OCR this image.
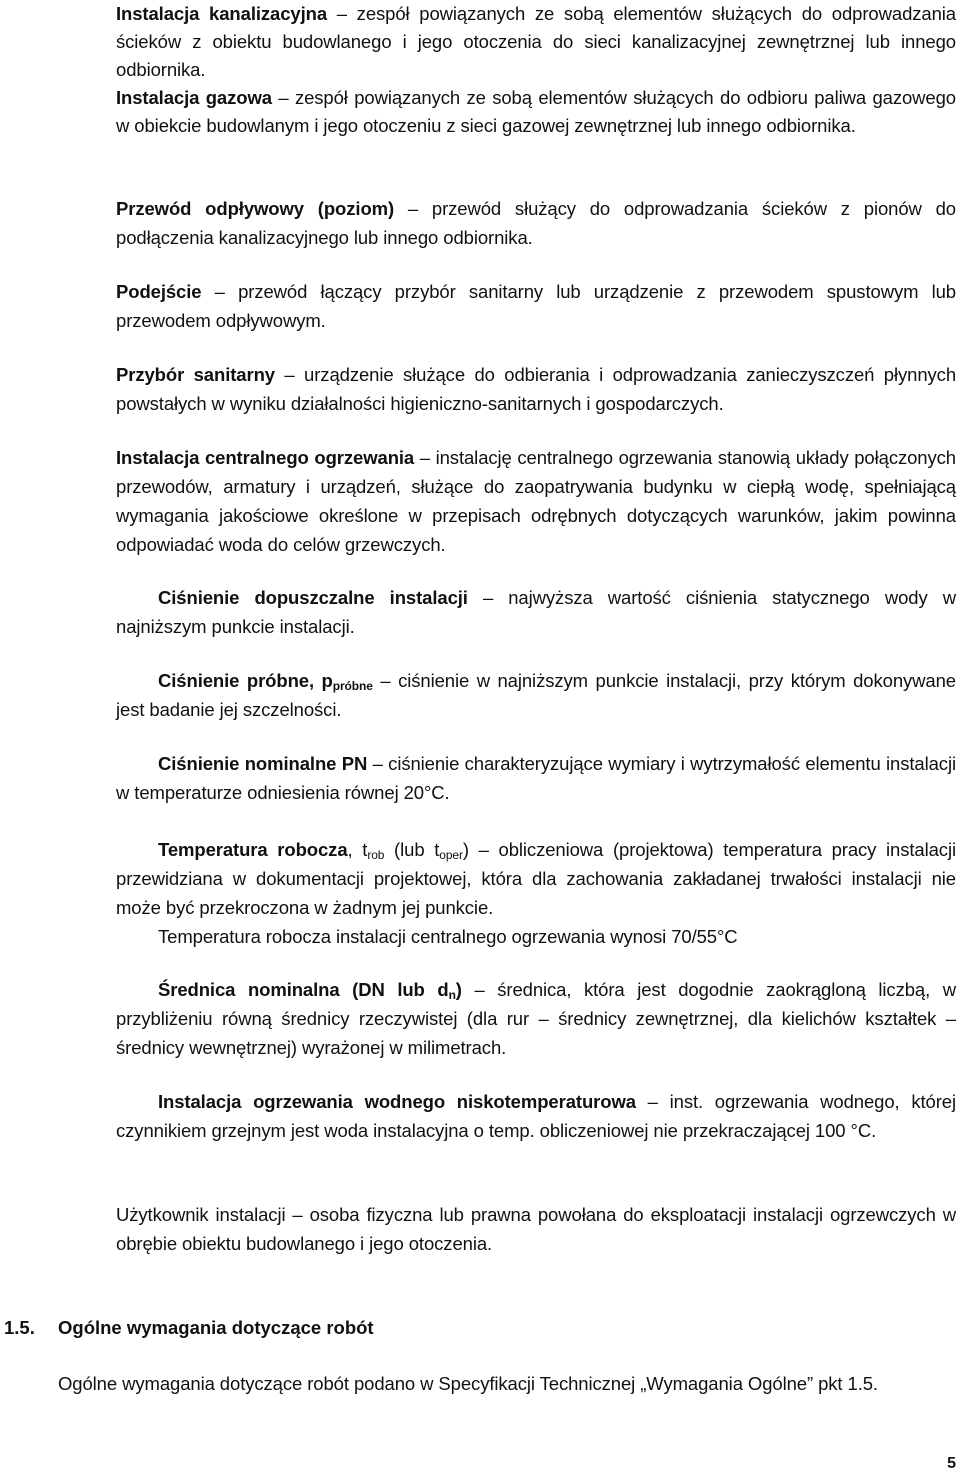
Instalacja kanalizacyjna – zespół powiązanych ze sobą elementów służących do odprowadzania ścieków z obiektu budowlanego i jego otoczenia do sieci kanalizacyjnej zewnętrznej lub innego odbiornika.

Instalacja gazowa – zespół powiązanych ze sobą elementów służących do odbioru paliwa gazowego w obiekcie budowlanym i jego otoczeniu z sieci gazowej zewnętrznej lub innego odbiornika.

Przewód odpływowy (poziom) – przewód służący do odprowadzania ścieków z pionów do podłączenia kanalizacyjnego lub innego odbiornika.

Podejście – przewód łączący przybór sanitarny lub urządzenie z przewodem spustowym lub przewodem odpływowym.

Przybór sanitarny – urządzenie służące do odbierania i odprowadzania zanieczyszczeń płynnych powstałych w wyniku działalności higieniczno-sanitarnych i gospodarczych.

Instalacja centralnego ogrzewania – instalację centralnego ogrzewania stanowią układy połączonych przewodów, armatury i urządzeń, służące do zaopatrywania budynku w ciepłą wodę, spełniającą wymagania jakościowe określone w przepisach odrębnych dotyczących warunków, jakim powinna odpowiadać woda do celów grzewczych.

Ciśnienie dopuszczalne instalacji – najwyższa wartość ciśnienia statycznego wody w najniższym punkcie instalacji.

Ciśnienie próbne, $p_{próbne}$ – ciśnienie w najniższym punkcie instalacji, przy którym dokonywane jest badanie jej szczelności.

Ciśnienie nominalne PN – ciśnienie charakteryzujące wymiary i wytrzymałość elementu instalacji w temperaturze odniesienia równej 20°C.

Temperatura robocza, $t_{rob}$ (lub $t_{oper}$) – obliczeniowa (projektowa) temperatura pracy instalacji przewidziana w dokumentacji projektowej, która dla zachowania zakładanej trwałości instalacji nie może być przekroczona w żadnym jej punkcie.
Temperatura robocza instalacji centralnego ogrzewania wynosi 70/55°C

Średnica nominalna (DN lub $d_n$) – średnica, która jest dogodnie zaokrągloną liczbą, w przybliżeniu równą średnicy rzeczywistej (dla rur – średnicy zewnętrznej, dla kielichów kształtek – średnicy wewnętrznej) wyrażonej w milimetrach.

Instalacja ogrzewania wodnego niskotemperaturowa – inst. ogrzewania wodnego, której czynnikiem grzejnym jest woda instalacyjna o temp. obliczeniowej nie przekraczającej 100 °C.

Użytkownik instalacji – osoba fizyczna lub prawna powołana do eksploatacji instalacji ogrzewczych w obrębie obiektu budowlanego i jego otoczenia.

1.5. Ogólne wymagania dotyczące robót

Ogólne wymagania dotyczące robót podano w Specyfikacji Technicznej „Wymagania Ogólne” pkt 1.5.

5
